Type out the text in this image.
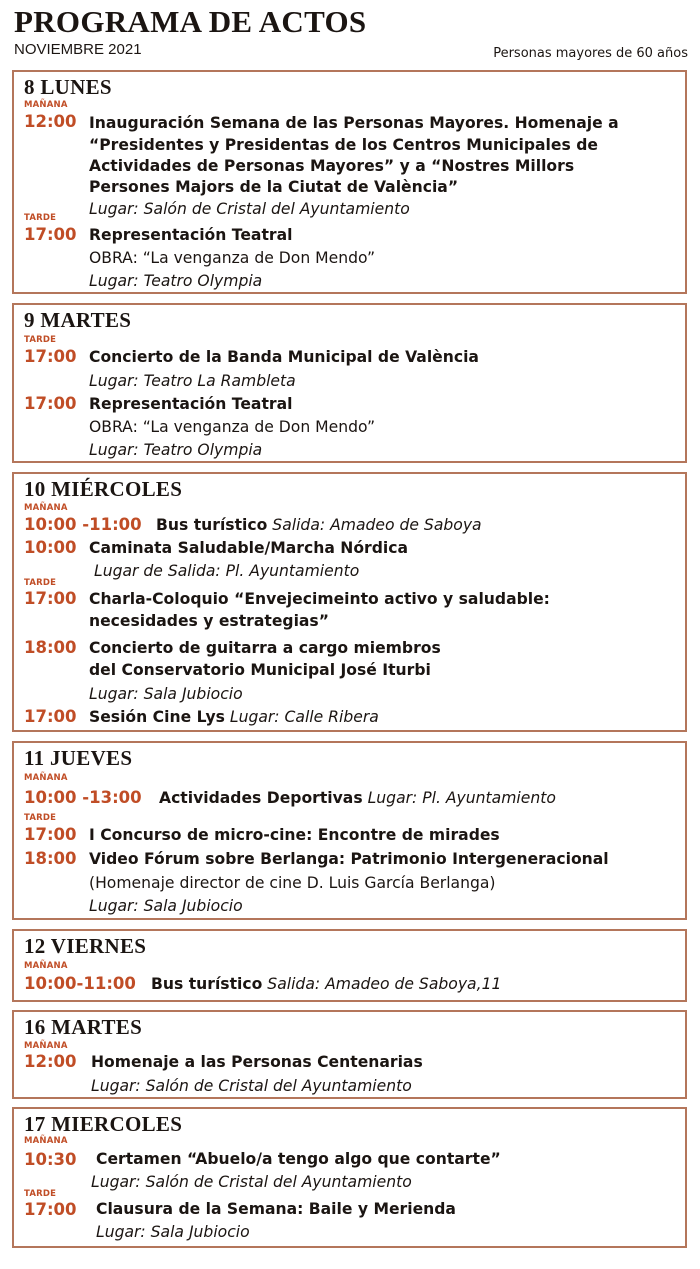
PROGRAMA DE ACTOS
NOVIEMBRE 2021	Personas mayores de 60 años
8 LUNES
MAÑANA
12:00 Inauguración Semana de las Personas Mayores. Homenaje a
“Presidentes y Presidentas de los Centros Municipales de
Actividades de Personas Mayores” y a “Nostres Millors
Persones Majors de la Ciutat de València”
Lugar: Salón de Cristal del Ayuntamiento
TARDE
17:00 Representación Teatral
OBRA: “La venganza de Don Mendo”
Lugar: Teatro Olympia
9 MARTES
TARDE
17:00 Concierto de la Banda Municipal de València
Lugar: Teatro La Rambleta
17:00 Representación Teatral
OBRA: “La venganza de Don Mendo”
Lugar: Teatro Olympia
10 MIÉRCOLES
MAÑANA
10:00 -11:00 Bus turístico Salida: Amadeo de Saboya
10:00 Caminata Saludable/Marcha Nórdica
Lugar de Salida: Pl. Ayuntamiento
TARDE
17:00 Charla-Coloquio “Envejecimeinto activo y saludable:
necesidades y estrategias”
18:00 Concierto de guitarra a cargo miembros
del Conservatorio Municipal José Iturbi
Lugar: Sala Jubiocio
17:00 Sesión Cine Lys Lugar: Calle Ribera
11 JUEVES
MAÑANA
10:00 -13:00 Actividades Deportivas Lugar: Pl. Ayuntamiento
TARDE
17:00 I Concurso de micro-cine: Encontre de mirades
18:00 Video Fórum sobre Berlanga: Patrimonio Intergeneracional
(Homenaje director de cine D. Luis García Berlanga)
Lugar: Sala Jubiocio
12 VIERNES
MAÑANA
10:00-11:00 Bus turístico Salida: Amadeo de Saboya,11
16 MARTES
MAÑANA
12:00 Homenaje a las Personas Centenarias
Lugar: Salón de Cristal del Ayuntamiento
17 MIERCOLES
MAÑANA
10:30 Certamen “Abuelo/a tengo algo que contarte”
Lugar: Salón de Cristal del Ayuntamiento
TARDE
17:00 Clausura de la Semana: Baile y Merienda
Lugar: Sala Jubiocio
